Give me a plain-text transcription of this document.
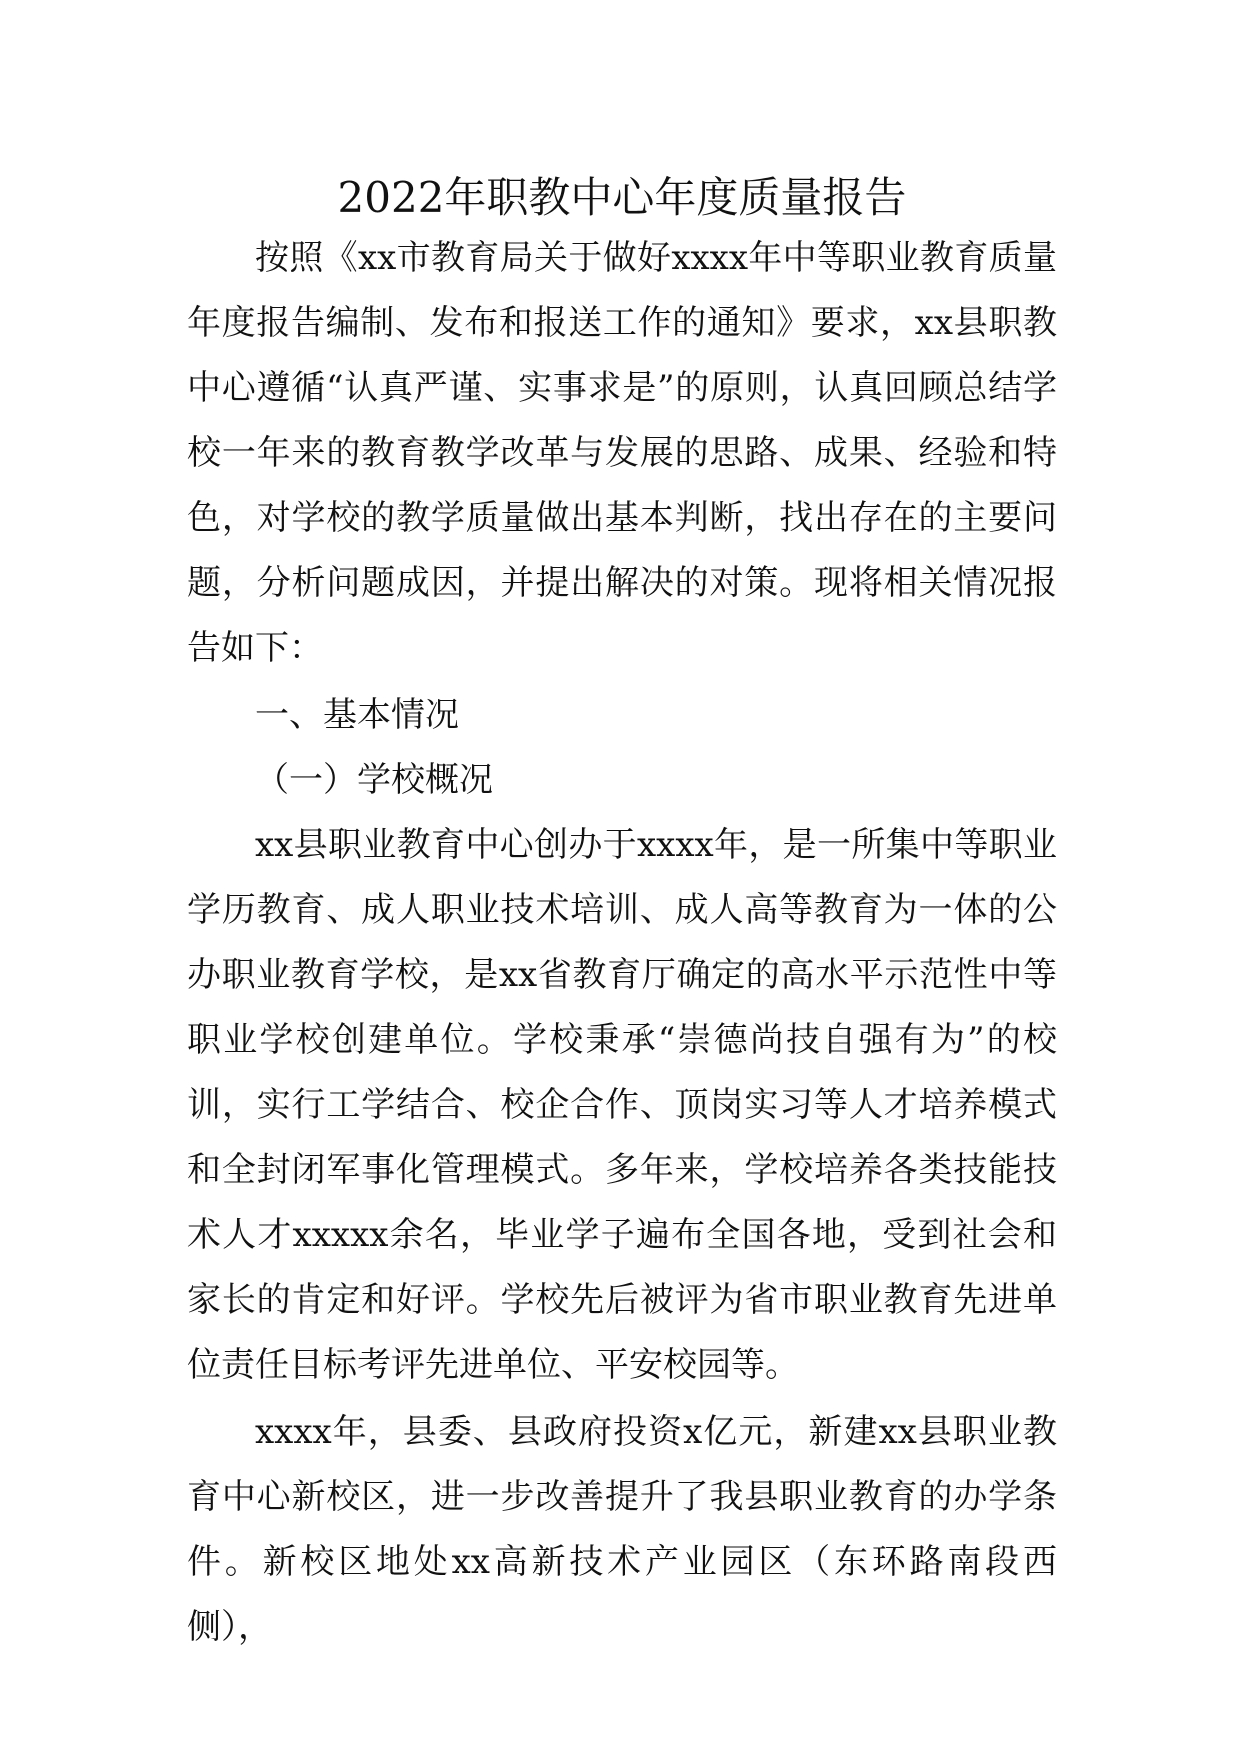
2022年职教中心年度质量报告

按照《xx市教育局关于做好xxxx年中等职业教育质量年度报告编制、发布和报送工作的通知》要求，xx县职教中心遵循“认真严谨、实事求是”的原则，认真回顾总结学校一年来的教育教学改革与发展的思路、成果、经验和特色，对学校的教学质量做出基本判断，找出存在的主要问题，分析问题成因，并提出解决的对策。现将相关情况报告如下：

一、基本情况

（一）学校概况

xx县职业教育中心创办于xxxx年，是一所集中等职业学历教育、成人职业技术培训、成人高等教育为一体的公办职业教育学校，是xx省教育厅确定的高水平示范性中等职业学校创建单位。学校秉承“崇德尚技自强有为”的校训，实行工学结合、校企合作、顶岗实习等人才培养模式和全封闭军事化管理模式。多年来，学校培养各类技能技术人才xxxxx余名，毕业学子遍布全国各地，受到社会和家长的肯定和好评。学校先后被评为省市职业教育先进单位责任目标考评先进单位、平安校园等。

xxxx年，县委、县政府投资x亿元，新建xx县职业教育中心新校区，进一步改善提升了我县职业教育的办学条件。新校区地处xx高新技术产业园区（东环路南段西侧），
